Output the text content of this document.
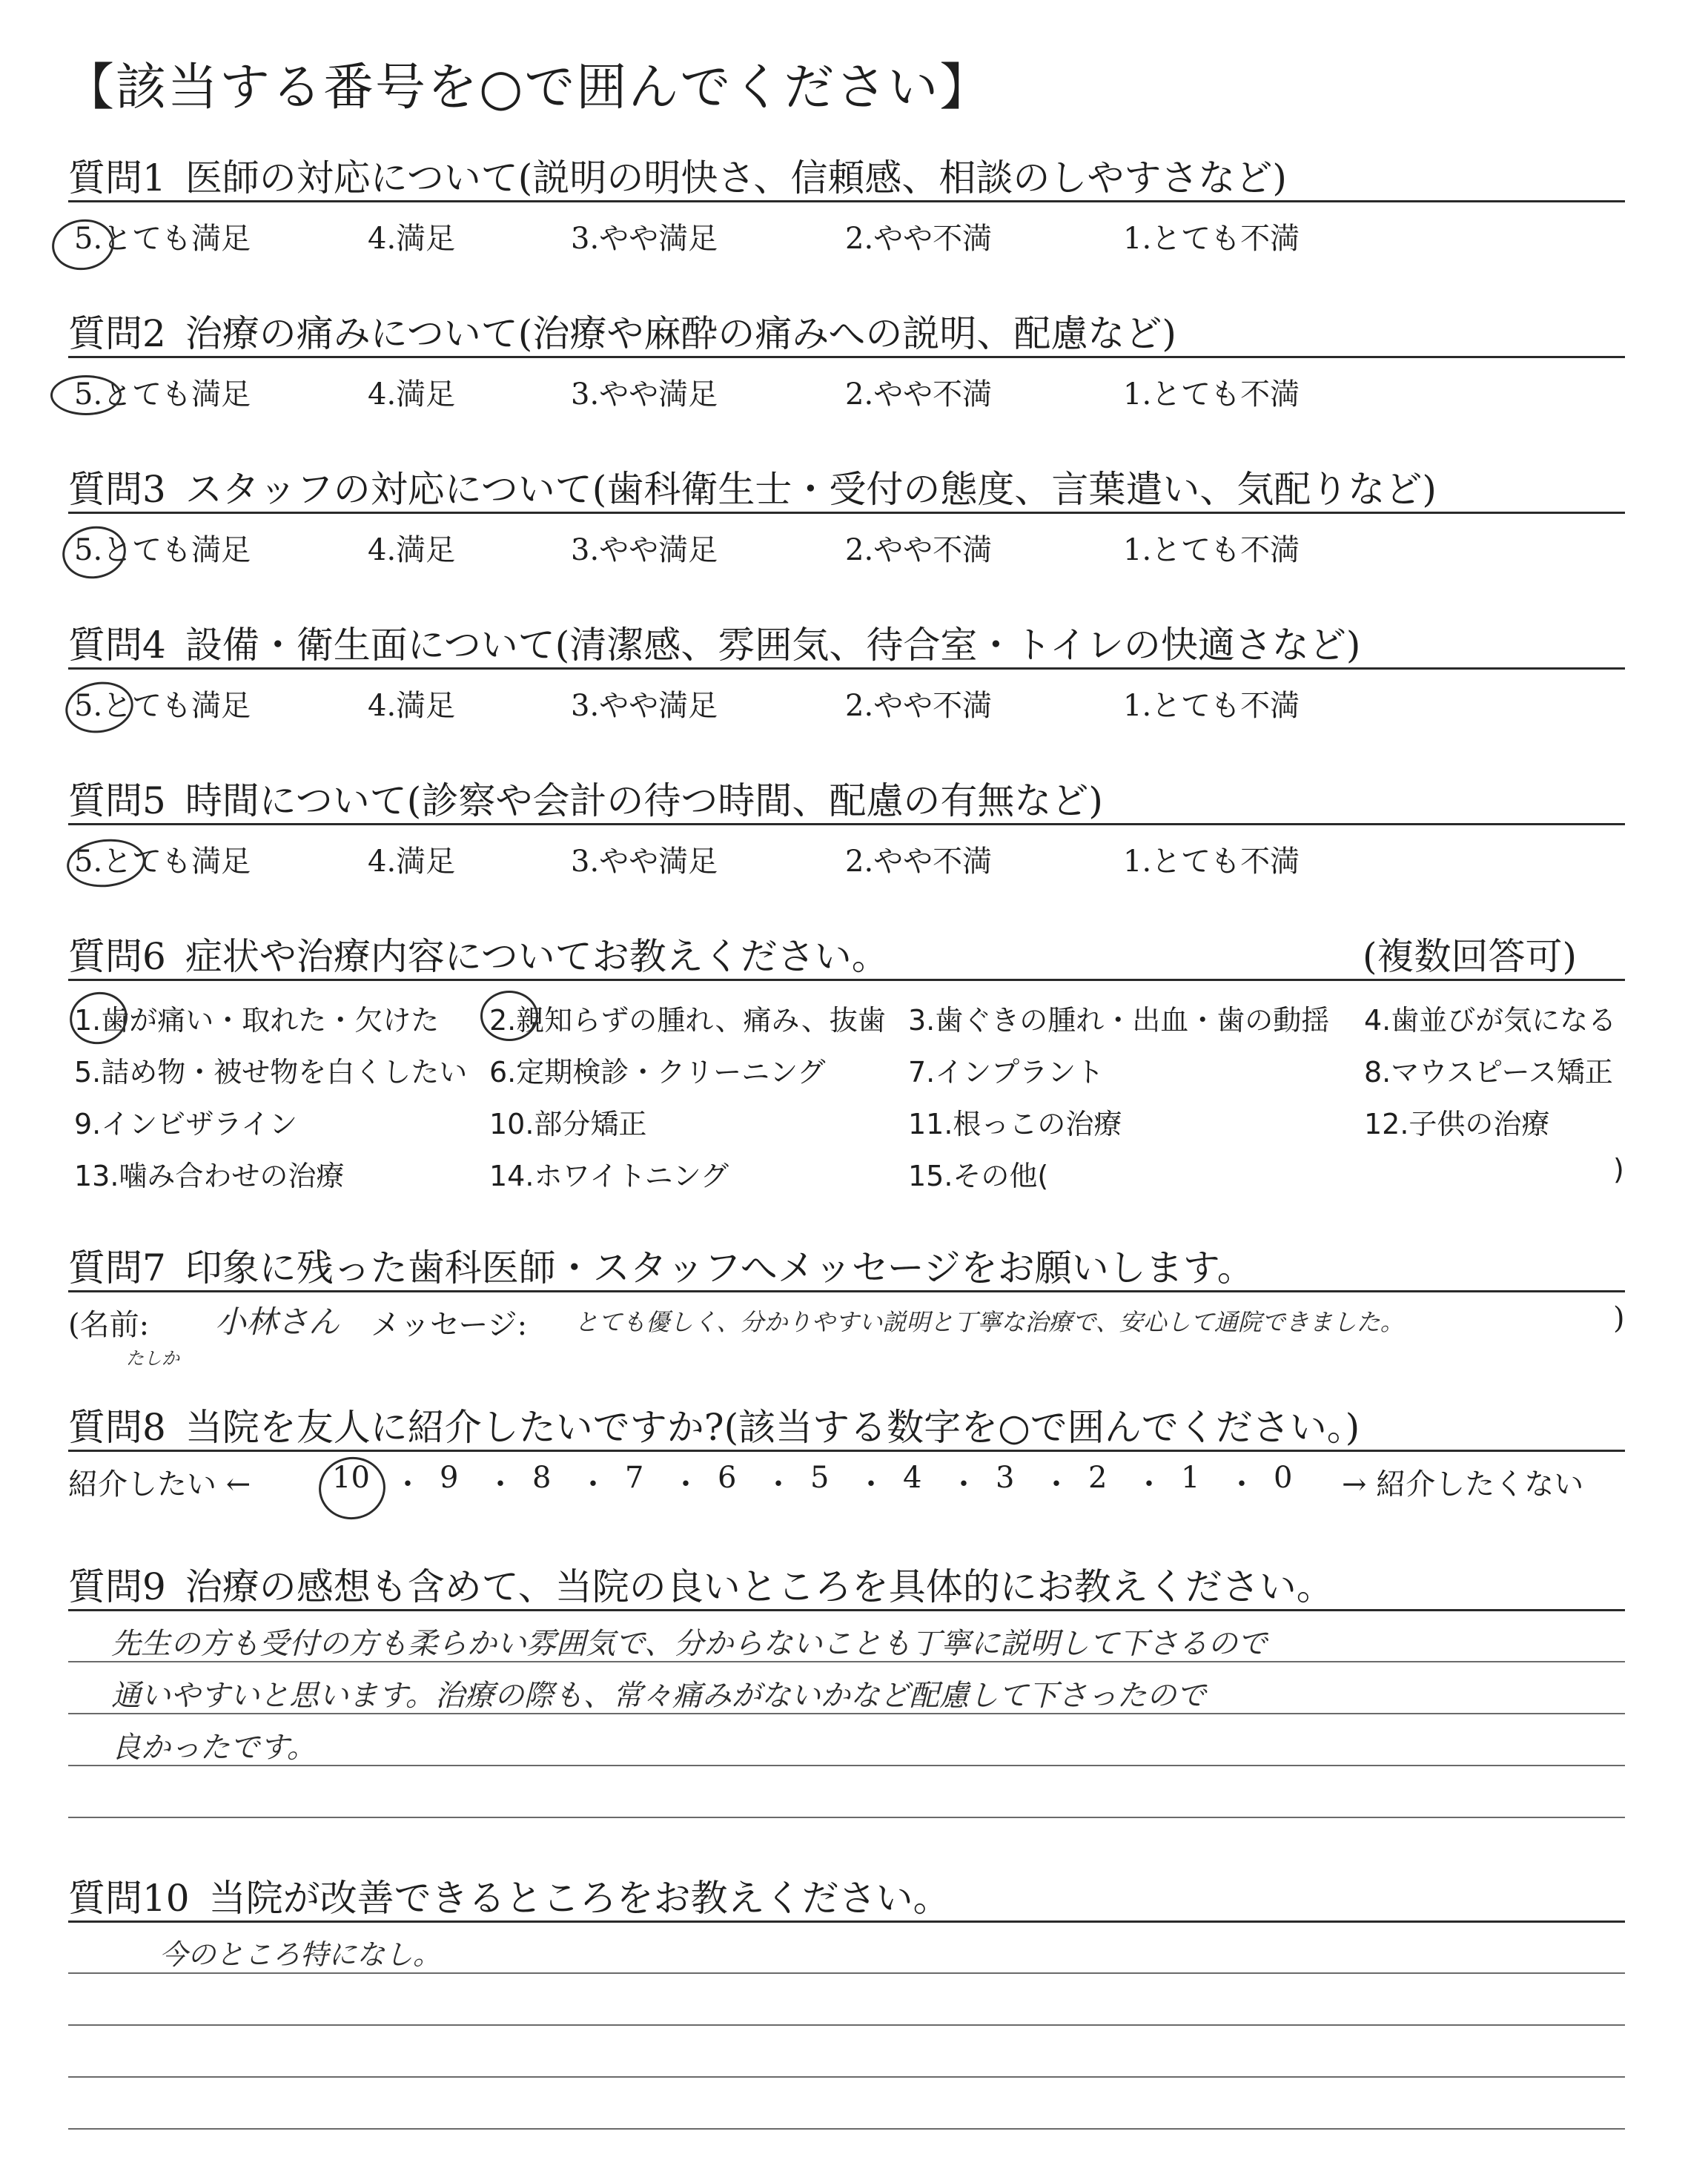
【該当する番号を○で囲んでください】
質問1 医師の対応について(説明の明快さ、信頼感、相談のしやすさなど)
5.とても満足	4.満足	3.やや満足	2.やや不満	1.とても不満
質問2 治療の痛みについて(治療や麻酔の痛みへの説明、配慮など)
5.とても満足	4.満足	3.やや満足	2.やや不満	1.とても不満
質問3 スタッフの対応について(歯科衛生士・受付の態度、言葉遣い、気配りなど)
5.とても満足	4.満足	3.やや満足	2.やや不満	1.とても不満
質問4 設備・衛生面について(清潔感、雰囲気、待合室・トイレの快適さなど)
5.とても満足	4.満足	3.やや満足	2.やや不満	1.とても不満
質問5 時間について(診察や会計の待つ時間、配慮の有無など)
5.とても満足	4.満足	3.やや満足	2.やや不満	1.とても不満
質問6 症状や治療内容についてお教えください。	(複数回答可)
1.歯が痛い・取れた・欠けた 2.親知らずの腫れ、痛み、抜歯 3.歯ぐきの腫れ・出血・歯の動揺 4.歯並びが気になる
5.詰め物・被せ物を白くしたい 6.定期検診・クリーニング	7.インプラント	8.マウスピース矯正
9.インビザライン	10.部分矯正	11.根っこの治療	12.子供の治療
13.噛み合わせの治療	14.ホワイトニング	15.その他(	)
質問7 印象に残った歯科医師・スタッフへメッセージをお願いします。
(名前: 小林さん
たしか
メッセージ: とても優しく、分かりやすい説明と丁寧な治療で、安心して通院できました。	)
質問8 当院を友人に紹介したいですか?(該当する数字を○で囲んでください。)
紹介したい ←	10 ・ 9 ・ 8 ・ 7 ・ 6 ・ 5 ・ 4 ・ 3 ・ 2 ・ 1 ・ 0 → 紹介したくない
質問9 治療の感想も含めて、当院の良いところを具体的にお教えください。
先生の方も受付の方も柔らかい雰囲気で、分からないことも丁寧に説明して下さるので
通いやすいと思います。治療の際も、常々痛みがないかなど配慮して下さったので
良かったです。
質問10 当院が改善できるところをお教えください。
今のところ特になし。
